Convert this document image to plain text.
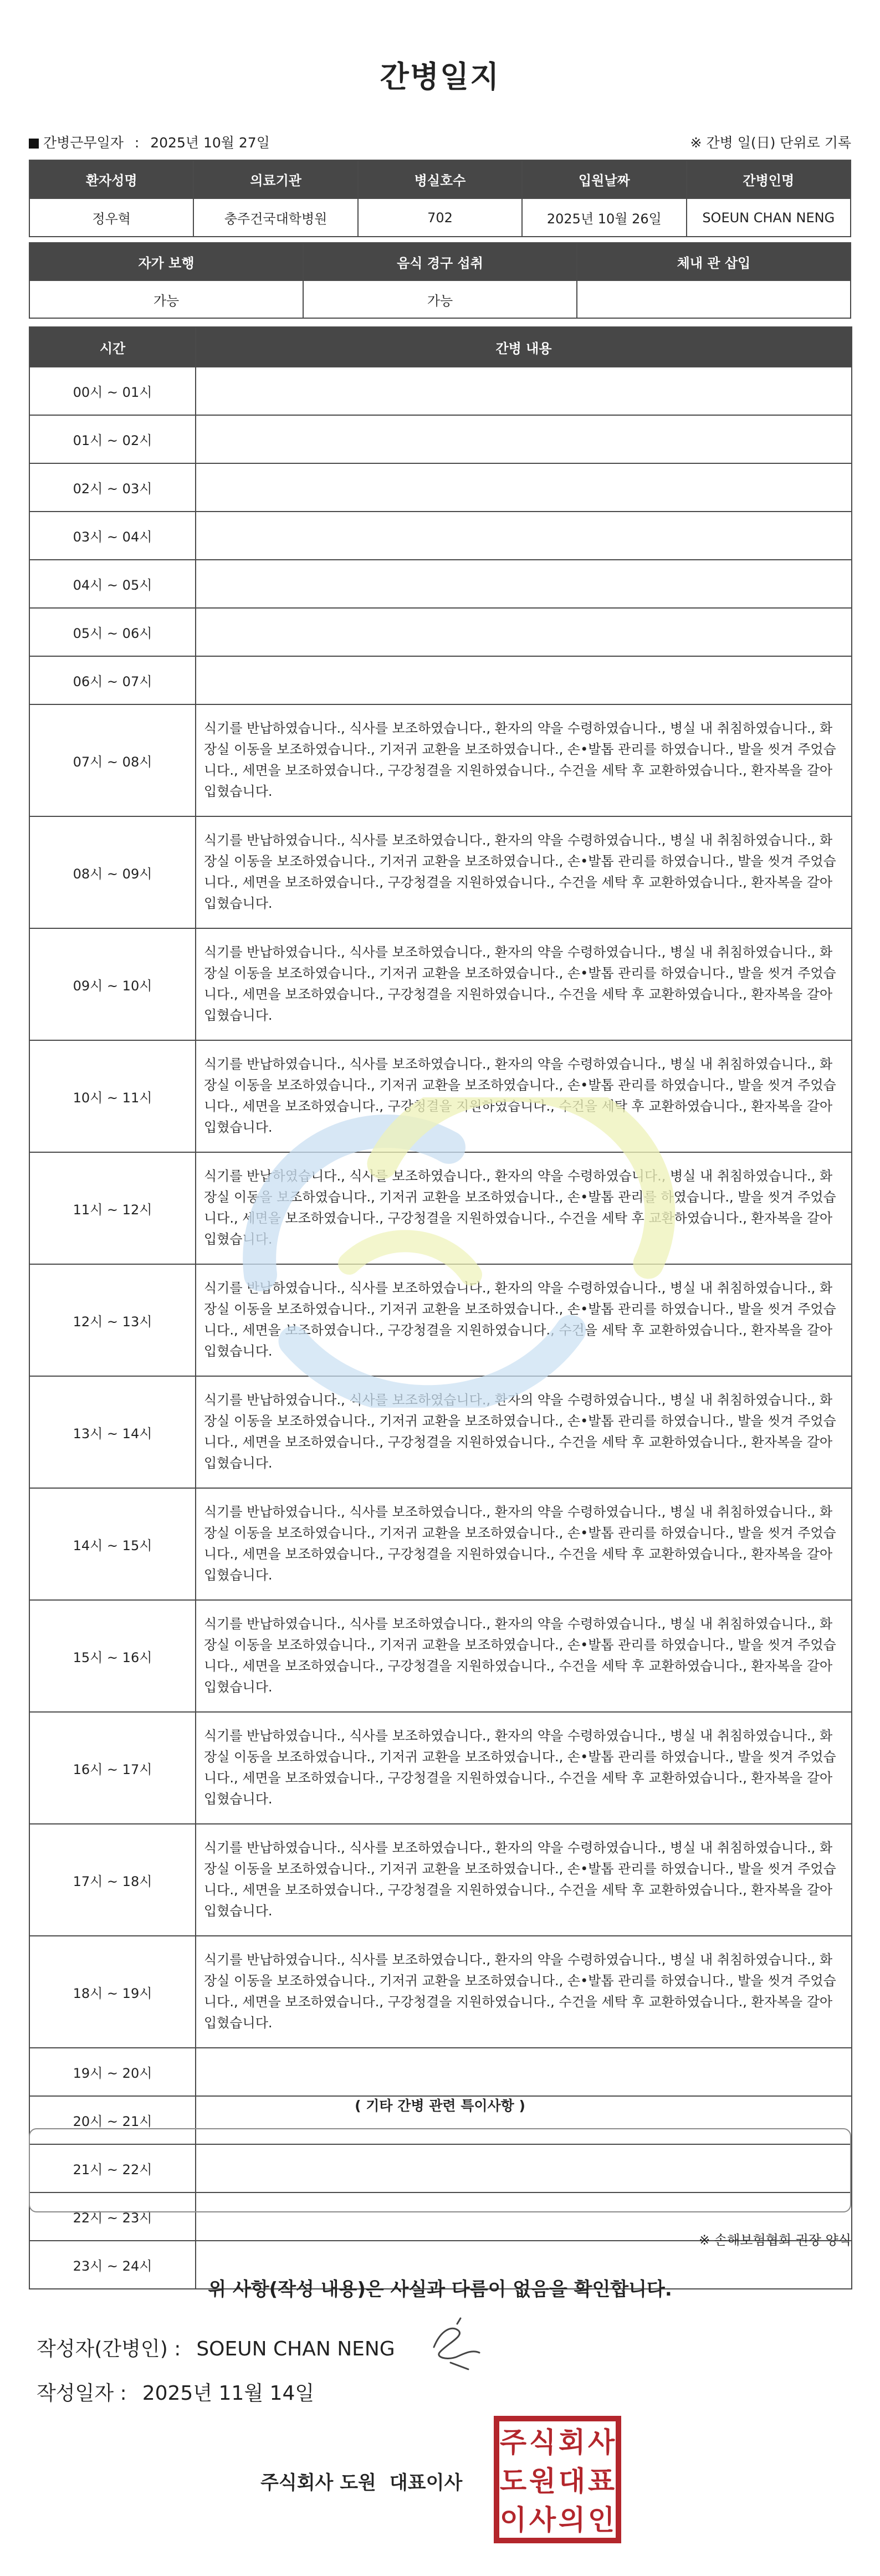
간병일지
간병근무일자 : 2025년 10월 27일	※ 간병 일(日) 단위로 기록
환자성명	의료기관	병실호수	입원날짜	간병인명
정우혁	충주건국대학병원	702	2025년 10월 26일	SOEUN CHAN NENG
자가 보행	음식 경구 섭취	체내 관 삽입
가능	가능	
시간	간병 내용
00시 ~ 01시	
01시 ~ 02시	
02시 ~ 03시	
03시 ~ 04시	
04시 ~ 05시	
05시 ~ 06시	
06시 ~ 07시	
07시 ~ 08시	식기를 반납하였습니다., 식사를 보조하였습니다., 환자의 약을 수령하였습니다., 병실 내 취침하였습니다., 화장실 이동을 보조하였습니다., 기저귀 교환을 보조하였습니다., 손•발톱 관리를 하였습니다., 발을 씻겨 주었습니다., 세면을 보조하였습니다., 구강청결을 지원하였습니다., 수건을 세탁 후 교환하였습니다., 환자복을 갈아입혔습니다.
08시 ~ 09시	식기를 반납하였습니다., 식사를 보조하였습니다., 환자의 약을 수령하였습니다., 병실 내 취침하였습니다., 화장실 이동을 보조하였습니다., 기저귀 교환을 보조하였습니다., 손•발톱 관리를 하였습니다., 발을 씻겨 주었습니다., 세면을 보조하였습니다., 구강청결을 지원하였습니다., 수건을 세탁 후 교환하였습니다., 환자복을 갈아입혔습니다.
09시 ~ 10시	식기를 반납하였습니다., 식사를 보조하였습니다., 환자의 약을 수령하였습니다., 병실 내 취침하였습니다., 화장실 이동을 보조하였습니다., 기저귀 교환을 보조하였습니다., 손•발톱 관리를 하였습니다., 발을 씻겨 주었습니다., 세면을 보조하였습니다., 구강청결을 지원하였습니다., 수건을 세탁 후 교환하였습니다., 환자복을 갈아입혔습니다.
10시 ~ 11시	식기를 반납하였습니다., 식사를 보조하였습니다., 환자의 약을 수령하였습니다., 병실 내 취침하였습니다., 화장실 이동을 보조하였습니다., 기저귀 교환을 보조하였습니다., 손•발톱 관리를 하였습니다., 발을 씻겨 주었습니다., 세면을 보조하였습니다., 구강청결을 지원하였습니다., 수건을 세탁 후 교환하였습니다., 환자복을 갈아입혔습니다.
11시 ~ 12시	식기를 반납하였습니다., 식사를 보조하였습니다., 환자의 약을 수령하였습니다., 병실 내 취침하였습니다., 화장실 이동을 보조하였습니다., 기저귀 교환을 보조하였습니다., 손•발톱 관리를 하였습니다., 발을 씻겨 주었습니다., 세면을 보조하였습니다., 구강청결을 지원하였습니다., 수건을 세탁 후 교환하였습니다., 환자복을 갈아입혔습니다.
12시 ~ 13시	식기를 반납하였습니다., 식사를 보조하였습니다., 환자의 약을 수령하였습니다., 병실 내 취침하였습니다., 화장실 이동을 보조하였습니다., 기저귀 교환을 보조하였습니다., 손•발톱 관리를 하였습니다., 발을 씻겨 주었습니다., 세면을 보조하였습니다., 구강청결을 지원하였습니다., 수건을 세탁 후 교환하였습니다., 환자복을 갈아입혔습니다.
13시 ~ 14시	식기를 반납하였습니다., 식사를 보조하였습니다., 환자의 약을 수령하였습니다., 병실 내 취침하였습니다., 화장실 이동을 보조하였습니다., 기저귀 교환을 보조하였습니다., 손•발톱 관리를 하였습니다., 발을 씻겨 주었습니다., 세면을 보조하였습니다., 구강청결을 지원하였습니다., 수건을 세탁 후 교환하였습니다., 환자복을 갈아입혔습니다.
14시 ~ 15시	식기를 반납하였습니다., 식사를 보조하였습니다., 환자의 약을 수령하였습니다., 병실 내 취침하였습니다., 화장실 이동을 보조하였습니다., 기저귀 교환을 보조하였습니다., 손•발톱 관리를 하였습니다., 발을 씻겨 주었습니다., 세면을 보조하였습니다., 구강청결을 지원하였습니다., 수건을 세탁 후 교환하였습니다., 환자복을 갈아입혔습니다.
15시 ~ 16시	식기를 반납하였습니다., 식사를 보조하였습니다., 환자의 약을 수령하였습니다., 병실 내 취침하였습니다., 화장실 이동을 보조하였습니다., 기저귀 교환을 보조하였습니다., 손•발톱 관리를 하였습니다., 발을 씻겨 주었습니다., 세면을 보조하였습니다., 구강청결을 지원하였습니다., 수건을 세탁 후 교환하였습니다., 환자복을 갈아입혔습니다.
16시 ~ 17시	식기를 반납하였습니다., 식사를 보조하였습니다., 환자의 약을 수령하였습니다., 병실 내 취침하였습니다., 화장실 이동을 보조하였습니다., 기저귀 교환을 보조하였습니다., 손•발톱 관리를 하였습니다., 발을 씻겨 주었습니다., 세면을 보조하였습니다., 구강청결을 지원하였습니다., 수건을 세탁 후 교환하였습니다., 환자복을 갈아입혔습니다.
17시 ~ 18시	식기를 반납하였습니다., 식사를 보조하였습니다., 환자의 약을 수령하였습니다., 병실 내 취침하였습니다., 화장실 이동을 보조하였습니다., 기저귀 교환을 보조하였습니다., 손•발톱 관리를 하였습니다., 발을 씻겨 주었습니다., 세면을 보조하였습니다., 구강청결을 지원하였습니다., 수건을 세탁 후 교환하였습니다., 환자복을 갈아입혔습니다.
18시 ~ 19시	식기를 반납하였습니다., 식사를 보조하였습니다., 환자의 약을 수령하였습니다., 병실 내 취침하였습니다., 화장실 이동을 보조하였습니다., 기저귀 교환을 보조하였습니다., 손•발톱 관리를 하였습니다., 발을 씻겨 주었습니다., 세면을 보조하였습니다., 구강청결을 지원하였습니다., 수건을 세탁 후 교환하였습니다., 환자복을 갈아입혔습니다.
19시 ~ 20시	
20시 ~ 21시	
21시 ~ 22시	
22시 ~ 23시	
23시 ~ 24시	
( 기타 간병 관련 특이사항 )
※ 손해보험협회 권장 양식
위 사항(작성 내용)은 사실과 다름이 없음을 확인합니다.
작성자(간병인) : SOEUN CHAN NENG
작성일자 : 2025년 11월 14일
주식회사 도원 대표이사
주 식 회 사
도 원 대 표
이 사 의 인
